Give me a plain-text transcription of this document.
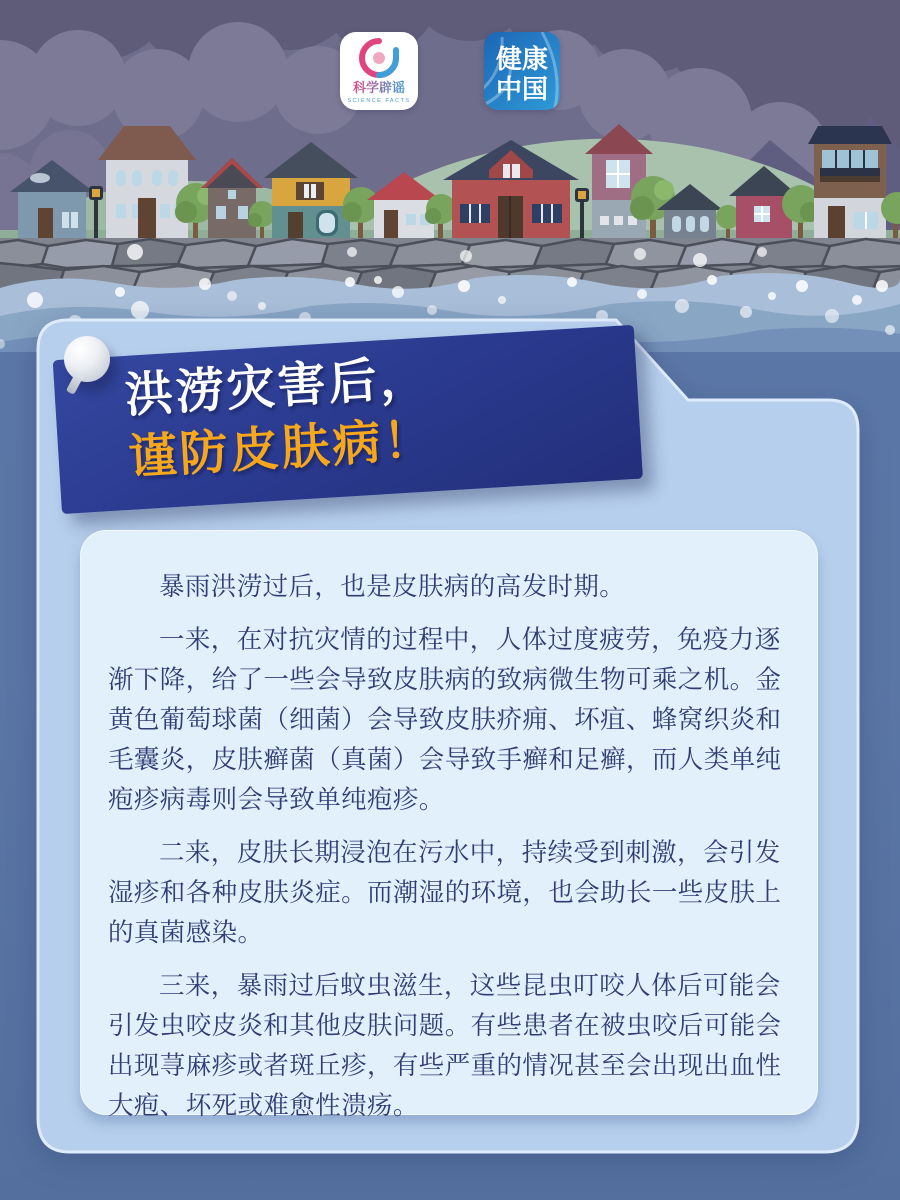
科学辟谣
SCIENCE FACTS
健康
中国
洪涝灾害后，
谨防皮肤病！

暴雨洪涝过后，也是皮肤病的高发时期。

一来，在对抗灾情的过程中，人体过度疲劳，免疫力逐渐下降，给了一些会导致皮肤病的致病微生物可乘之机。金黄色葡萄球菌（细菌）会导致皮肤疥痈、坏疽、蜂窝织炎和毛囊炎，皮肤癣菌（真菌）会导致手癣和足癣，而人类单纯疱疹病毒则会导致单纯疱疹。

二来，皮肤长期浸泡在污水中，持续受到刺激，会引发湿疹和各种皮肤炎症。而潮湿的环境，也会助长一些皮肤上的真菌感染。

三来，暴雨过后蚊虫滋生，这些昆虫叮咬人体后可能会引发虫咬皮炎和其他皮肤问题。有些患者在被虫咬后可能会出现荨麻疹或者斑丘疹，有些严重的情况甚至会出现出血性大疱、坏死或难愈性溃疡。
